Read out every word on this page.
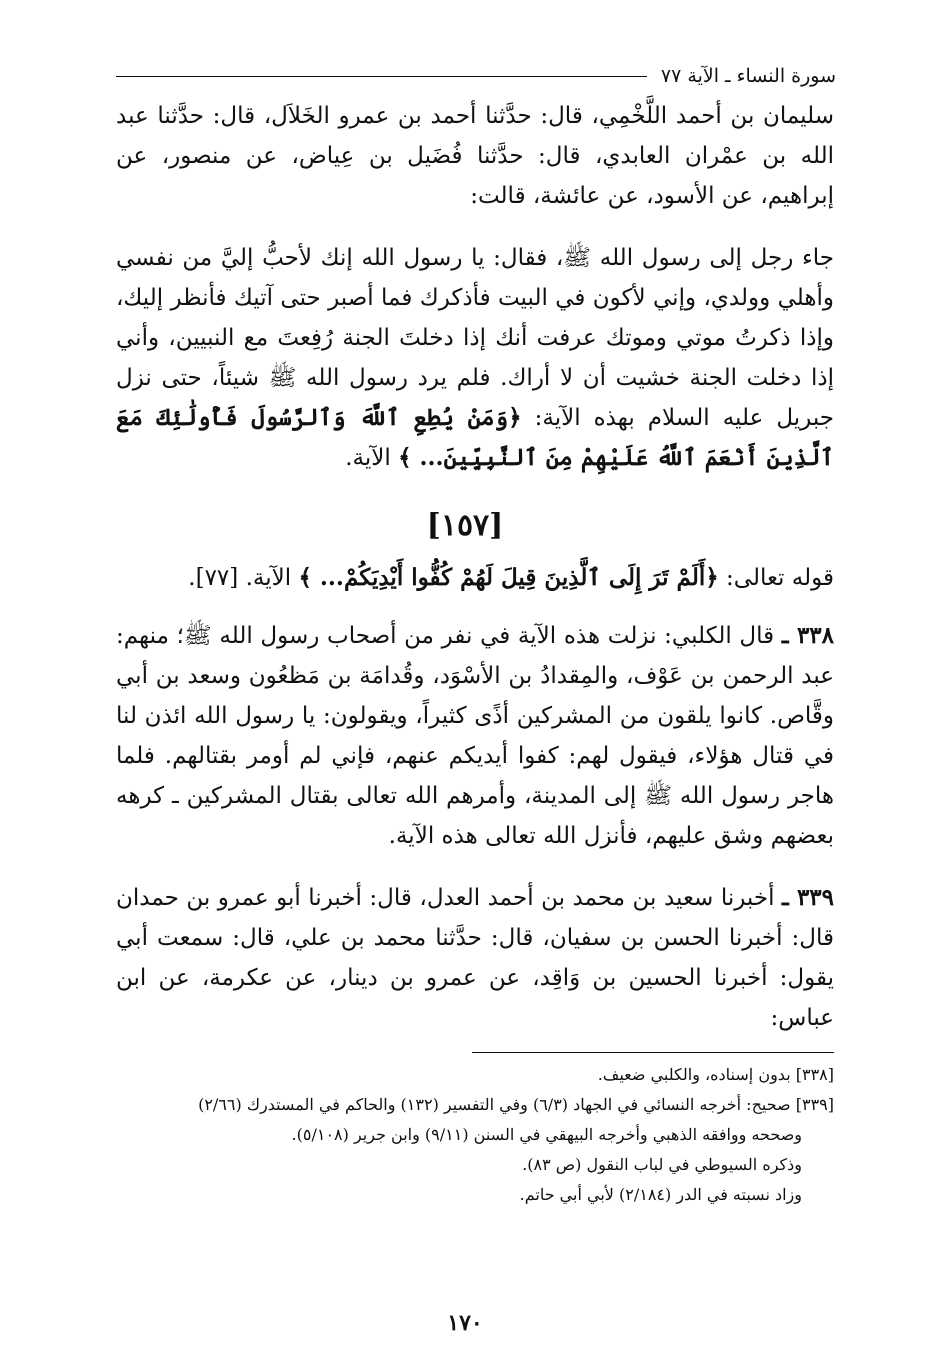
سورة النساء ـ الآية ٧٧

سليمان بن أحمد اللَّخْمِي، قال: حدَّثنا أحمد بن عمرو الخَلاَل، قال: حدَّثنا عبد الله بن عمْران العابدي، قال: حدَّثنا فُضَيل بن عِياض، عن منصور، عن إبراهيم، عن الأسود، عن عائشة، قالت:

جاء رجل إلى رسول الله ﷺ، فقال: يا رسول الله إنك لأحبُّ إليَّ من نفسي وأهلي وولدي، وإني لأكون في البيت فأذكرك فما أصبر حتى آتيك فأنظر إليك، وإذا ذكرتُ موتي وموتك عرفت أنك إذا دخلتَ الجنة رُفِعتَ مع النبيين، وأني إذا دخلت الجنة خشيت أن لا أراك. فلم يرد رسول الله ﷺ شيئاً، حتى نزل جبريل عليه السلام بهذه الآية: ﴿وَمَنْ يُطِعِ ٱللَّهَ وَٱلرَّسُولَ فَأُولَٰئِكَ مَعَ ٱلَّذِينَ أَنْعَمَ ٱللَّهُ عَلَيْهِمْ مِنَ ٱلنَّبِيِّينَ... ﴾ الآية.

[١٥٧]

قوله تعالى: ﴿أَلَمْ تَرَ إِلَى ٱلَّذِينَ قِيلَ لَهُمْ كُفُّوا أَيْدِيَكُمْ... ﴾ الآية. [٧٧].

٣٣٨ ـ قال الكلبي: نزلت هذه الآية في نفر من أصحاب رسول الله ﷺ؛ منهم: عبد الرحمن بن عَوْف، والمِقدادُ بن الأسْوَد، وقُدامَة بن مَظعُون وسعد بن أبي وقَّاص. كانوا يلقون من المشركين أذًى كثيراً، ويقولون: يا رسول الله ائذن لنا في قتال هؤلاء، فيقول لهم: كفوا أيديكم عنهم، فإني لم أومر بقتالهم. فلما هاجر رسول الله ﷺ إلى المدينة، وأمرهم الله تعالى بقتال المشركين ـ كرهه بعضهم وشق عليهم، فأنزل الله تعالى هذه الآية.

٣٣٩ ـ أخبرنا سعيد بن محمد بن أحمد العدل، قال: أخبرنا أبو عمرو بن حمدان قال: أخبرنا الحسن بن سفيان، قال: حدَّثنا محمد بن علي، قال: سمعت أبي يقول: أخبرنا الحسين بن وَاقِد، عن عمرو بن دينار، عن عكرمة، عن ابن عباس:

[٣٣٨] بدون إسناده، والكلبي ضعيف.

[٣٣٩] صحيح: أخرجه النسائي في الجهاد (٦/٣) وفي التفسير (١٣٢) والحاكم في المستدرك (٢/٦٦)

وصححه ووافقه الذهبي وأخرجه البيهقي في السنن (٩/١١) وابن جرير (٥/١٠٨).

وذكره السيوطي في لباب النقول (ص ٨٣).

وزاد نسبته في الدر (٢/١٨٤) لأبي أبي حاتم.

١٧٠
